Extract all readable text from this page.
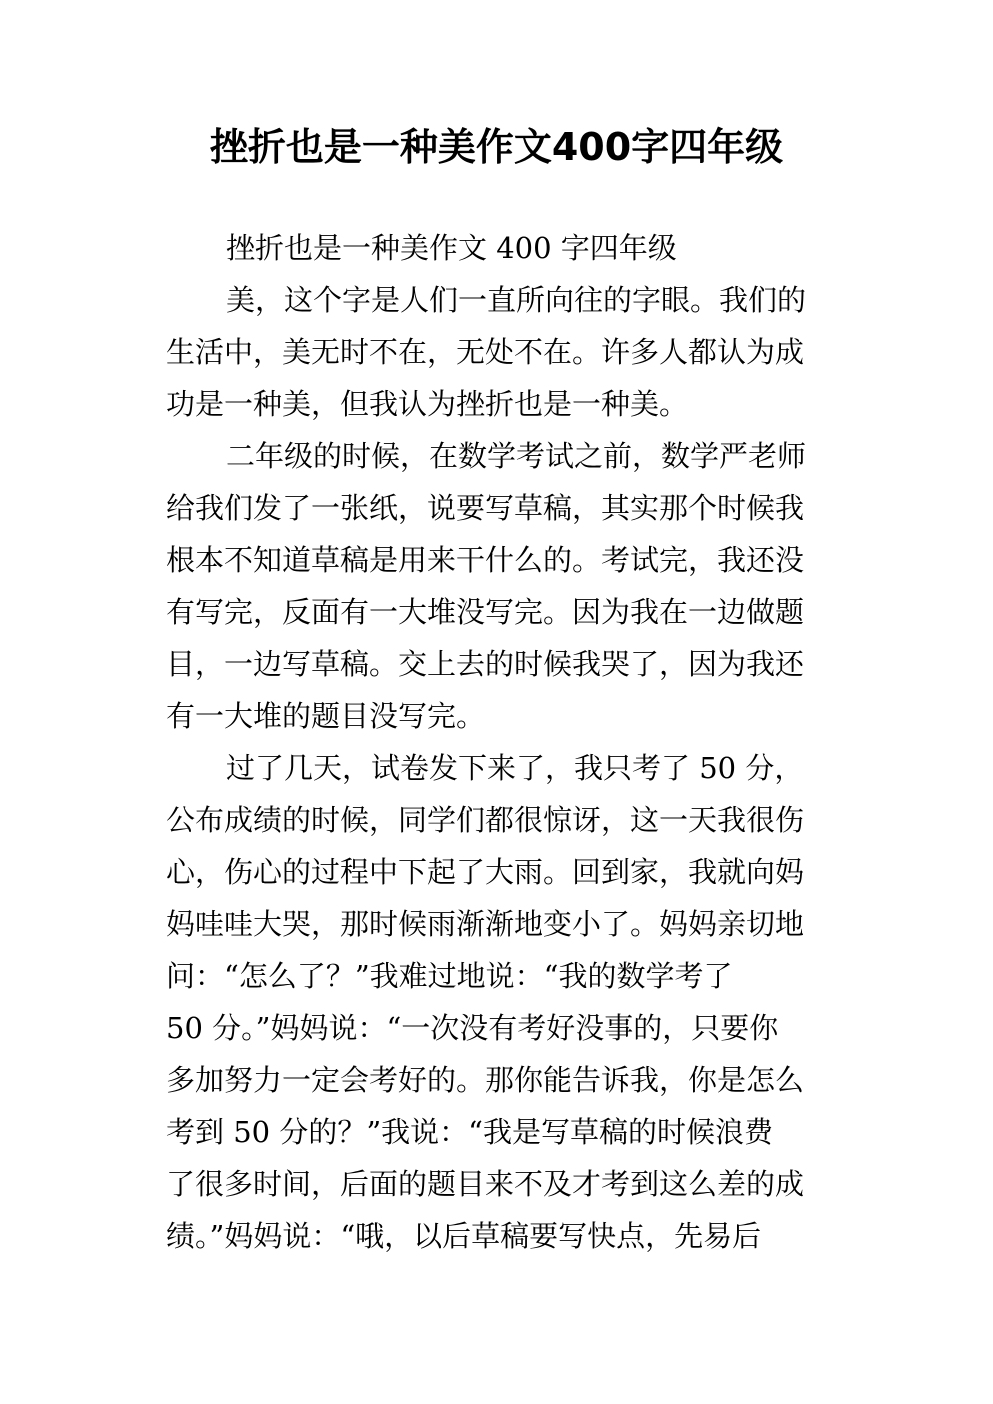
挫折也是一种美作文400字四年级
挫折也是一种美作文 400 字四年级
美，这个字是人们一直所向往的字眼。我们的
生活中，美无时不在，无处不在。许多人都认为成
功是一种美，但我认为挫折也是一种美。
二年级的时候，在数学考试之前，数学严老师
给我们发了一张纸，说要写草稿，其实那个时候我
根本不知道草稿是用来干什么的。考试完，我还没
有写完，反面有一大堆没写完。因为我在一边做题
目，一边写草稿。交上去的时候我哭了，因为我还
有一大堆的题目没写完。
过了几天，试卷发下来了，我只考了 50 分，
公布成绩的时候，同学们都很惊讶，这一天我很伤
心，伤心的过程中下起了大雨。回到家，我就向妈
妈哇哇大哭，那时候雨渐渐地变小了。妈妈亲切地
问：“怎么了？”我难过地说：“我的数学考了
50 分。”妈妈说：“一次没有考好没事的，只要你
多加努力一定会考好的。那你能告诉我，你是怎么
考到 50 分的？”我说：“我是写草稿的时候浪费
了很多时间，后面的题目来不及才考到这么差的成
绩。”妈妈说：“哦，以后草稿要写快点，先易后
